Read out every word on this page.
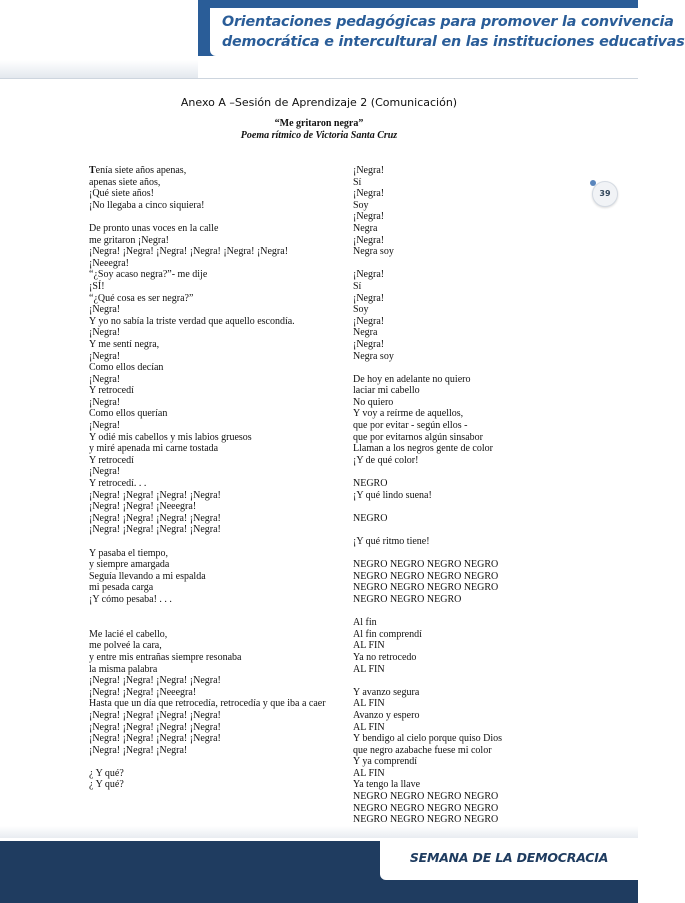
Orientaciones pedagógicas para promover la convivencia
democrática e intercultural en las instituciones educativas
39
Anexo A –Sesión de Aprendizaje 2 (Comunicación)
“Me gritaron negra”
Poema rítmico de Victoria Santa Cruz
Tenía siete años apenas,
apenas siete años,
¡Qué siete años!
¡No llegaba a cinco siquiera!

De pronto unas voces en la calle
me gritaron ¡Negra!
¡Negra! ¡Negra! ¡Negra! ¡Negra! ¡Negra! ¡Negra!
¡Neeegra!
“¿Soy acaso negra?”- me dije
¡SÍ!
“¿Qué cosa es ser negra?”
¡Negra!
Y yo no sabía la triste verdad que aquello escondía.
¡Negra!
Y me sentí negra,
¡Negra!
Como ellos decían
¡Negra!
Y retrocedí
¡Negra!
Como ellos querían
¡Negra!
Y odié mis cabellos y mis labios gruesos
y miré apenada mi carne tostada
Y retrocedí
¡Negra!
Y retrocedí. . .
¡Negra! ¡Negra! ¡Negra! ¡Negra!
¡Negra! ¡Negra! ¡Neeegra!
¡Negra! ¡Negra! ¡Negra! ¡Negra!
¡Negra! ¡Negra! ¡Negra! ¡Negra!

Y pasaba el tiempo,
y siempre amargada
Seguía llevando a mi espalda
mi pesada carga
¡Y cómo pesaba! . . .

Me lacié el cabello,
me polveé la cara,
y entre mis entrañas siempre resonaba
la misma palabra
¡Negra! ¡Negra! ¡Negra! ¡Negra!
¡Negra! ¡Negra! ¡Neeegra!
Hasta que un día que retrocedía, retrocedía y que iba a caer
¡Negra! ¡Negra! ¡Negra! ¡Negra!
¡Negra! ¡Negra! ¡Negra! ¡Negra!
¡Negra! ¡Negra! ¡Negra! ¡Negra!
¡Negra! ¡Negra! ¡Negra!

¿ Y qué?
¿ Y qué?
¡Negra!
Sí
¡Negra!
Soy
¡Negra!
Negra
¡Negra!
Negra soy

¡Negra!
Sí
¡Negra!
Soy
¡Negra!
Negra
¡Negra!
Negra soy

De hoy en adelante no quiero
laciar mi cabello
No quiero
Y voy a reírme de aquellos,
que por evitar - según ellos -
que por evitarnos algún sinsabor
Llaman a los negros gente de color
¡Y de qué color!

NEGRO
¡Y qué lindo suena!

NEGRO

¡Y qué ritmo tiene!

NEGRO NEGRO NEGRO NEGRO
NEGRO NEGRO NEGRO NEGRO
NEGRO NEGRO NEGRO NEGRO
NEGRO NEGRO NEGRO

Al fin
Al fin comprendí
AL FIN
Ya no retrocedo
AL FIN

Y avanzo segura
AL FIN
Avanzo y espero
AL FIN
Y bendigo al cielo porque quiso Dios
que negro azabache fuese mi color
Y ya comprendí
AL FIN
Ya tengo la llave
NEGRO NEGRO NEGRO NEGRO
NEGRO NEGRO NEGRO NEGRO
NEGRO NEGRO NEGRO NEGRO
SEMANA DE LA DEMOCRACIA
